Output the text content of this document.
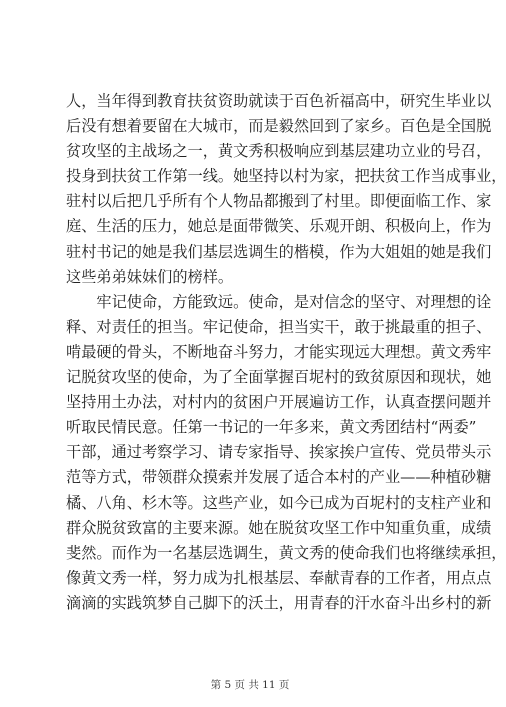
人 ， 当 年 得 到 教 育 扶 贫 资 助 就 读 于 百 色 祈 福 高 中 ， 研 究 生 毕 业 以
后 没 有 想 着 要 留 在 大 城 市 ， 而 是 毅 然 回 到 了 家 乡 。 百 色 是 全 国 脱
贫 攻 坚 的 主 战 场 之 一 ， 黄 文 秀 积 极 响 应 到 基 层 建 功 立 业 的 号 召 ，
投 身 到 扶 贫 工 作 第 一 线 。 她 坚 持 以 村 为 家 ， 把 扶 贫 工 作 当 成 事 业 ，
驻 村 以 后 把 几 乎 所 有 个 人 物 品 都 搬 到 了 村 里 。 即 便 面 临 工 作 、 家
庭 、 生 活 的 压 力 ， 她 总 是 面 带 微 笑 、 乐 观 开 朗 、 积 极 向 上 ， 作 为
驻 村 书 记 的 她 是 我 们 基 层 选 调 生 的 楷 模 ， 作 为 大 姐 姐 的 她 是 我 们
这些弟弟妹妹们的榜样。

牢 记 使 命 ， 方 能 致 远 。 使 命 ， 是 对 信 念 的 坚 守 、 对 理 想 的 诠
释 、 对 责 任 的 担 当 。 牢 记 使 命 ， 担 当 实 干 ， 敢 于 挑 最 重 的 担 子 、
啃 最 硬 的 骨 头 ， 不 断 地 奋 斗 努 力 ， 才 能 实 现 远 大 理 想 。 黄 文 秀 牢
记 脱 贫 攻 坚 的 使 命 ， 为 了 全 面 掌 握 百 坭 村 的 致 贫 原 因 和 现 状 ， 她
坚 持 用 土 办 法 ， 对 村 内 的 贫 困 户 开 展 遍 访 工 作 ， 认 真 查 摆 问 题 并
听 取 民 情 民 意 。 任 第 一 书 记 的 一 年 多 来 ， 黄 文 秀 团 结 村 “ 两 委 ”
干 部 ， 通 过 考 察 学 习 、 请 专 家 指 导 、 挨 家 挨 户 宣 传 、 党 员 带 头 示
范 等 方 式 ， 带 领 群 众 摸 索 并 发 展 了 适 合 本 村 的 产 业 — — 种 植 砂 糖
橘 、 八 角 、 杉 木 等 。 这 些 产 业 ， 如 今 已 成 为 百 坭 村 的 支 柱 产 业 和
群 众 脱 贫 致 富 的 主 要 来 源 。 她 在 脱 贫 攻 坚 工 作 中 知 重 负 重 ， 成 绩
斐 然 。 而 作 为 一 名 基 层 选 调 生 ， 黄 文 秀 的 使 命 我 们 也 将 继 续 承 担 ，
像 黄 文 秀 一 样 ， 努 力 成 为 扎 根 基 层 、 奉 献 青 春 的 工 作 者 ， 用 点 点
滴 滴 的 实 践 筑 梦 自 己 脚 下 的 沃 土 ， 用 青 春 的 汗 水 奋 斗 出 乡 村 的 新
第 5 页 共 11 页
